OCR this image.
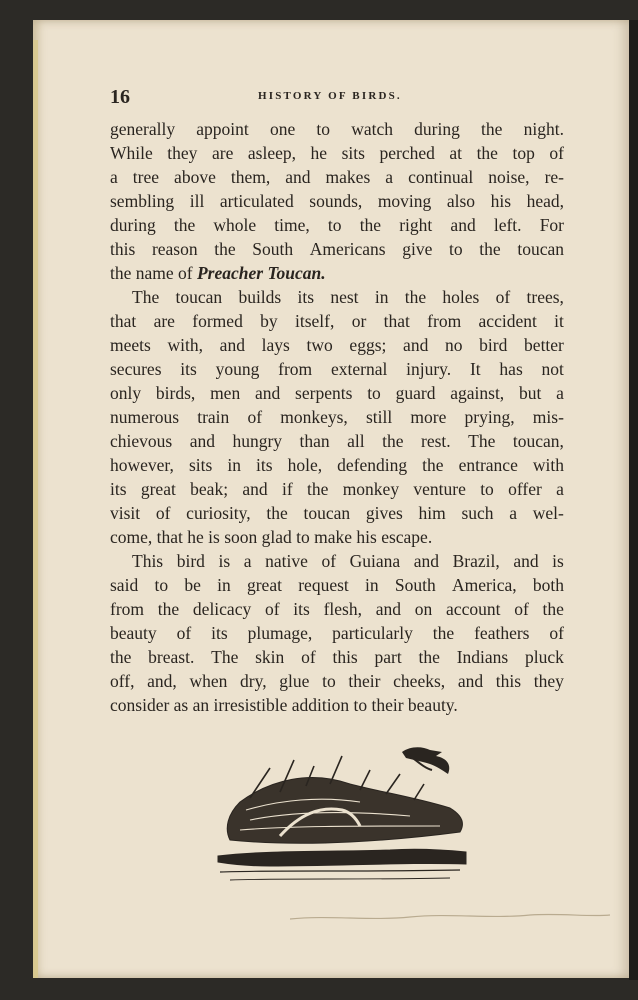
16	HISTORY OF BIRDS.
generally appoint one to watch during the night.
While they are asleep, he sits perched at the top of
a tree above them, and makes a continual noise, re-
sembling ill articulated sounds, moving also his head,
during the whole time, to the right and left. For
this reason the South Americans give to the toucan
the name of Preacher Toucan.
The toucan builds its nest in the holes of trees,
that are formed by itself, or that from accident it
meets with, and lays two eggs; and no bird better
secures its young from external injury. It has not
only birds, men and serpents to guard against, but a
numerous train of monkeys, still more prying, mis-
chievous and hungry than all the rest. The toucan,
however, sits in its hole, defending the entrance with
its great beak; and if the monkey venture to offer a
visit of curiosity, the toucan gives him such a wel-
come, that he is soon glad to make his escape.
This bird is a native of Guiana and Brazil, and is
said to be in great request in South America, both
from the delicacy of its flesh, and on account of the
beauty of its plumage, particularly the feathers of
the breast. The skin of this part the Indians pluck
off, and, when dry, glue to their cheeks, and this they
consider as an irresistible addition to their beauty.
